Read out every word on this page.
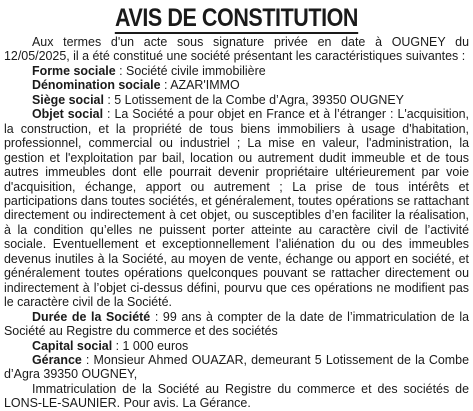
AVIS DE CONSTITUTION

Aux termes d'un acte sous signature privée en date à OUGNEY du 12/05/2025, il a été constitué une société présentant les caractéristiques suivantes :

Forme sociale : Société civile immobilière

Dénomination sociale : AZAR'IMMO

Siège social : 5 Lotissement de la Combe d’Agra, 39350 OUGNEY

Objet social : La Société a pour objet en France et à l’étranger : L'acquisition, la construction, et la propriété de tous biens immobiliers à usage d'habitation, professionnel, commercial ou industriel ; La mise en valeur, l'administration, la gestion et l'exploitation par bail, location ou autrement dudit immeuble et de tous autres immeubles dont elle pourrait devenir propriétaire ultérieurement par voie d'acquisition, échange, apport ou autrement ; La prise de tous intérêts et participations dans toutes sociétés, et généralement, toutes opérations se rattachant directement ou indirectement à cet objet, ou susceptibles d’en faciliter la réalisation, à la condition qu’elles ne puissent porter atteinte au caractère civil de l’activité sociale. Eventuellement et exceptionnellement l’aliénation du ou des immeubles devenus inutiles à la Société, au moyen de vente, échange ou apport en société, et généralement toutes opérations quelconques pouvant se rattacher directement ou indirectement à l’objet ci-dessus défini, pourvu que ces opérations ne modifient pas le caractère civil de la Société.

Durée de la Société : 99 ans à compter de la date de l’immatriculation de la Société au Registre du commerce et des sociétés

Capital social : 1 000 euros

Gérance : Monsieur Ahmed OUAZAR, demeurant 5 Lotissement de la Combe d’Agra 39350 OUGNEY,

Immatriculation de la Société au Registre du commerce et des sociétés de LONS-LE-SAUNIER. Pour avis. La Gérance.
